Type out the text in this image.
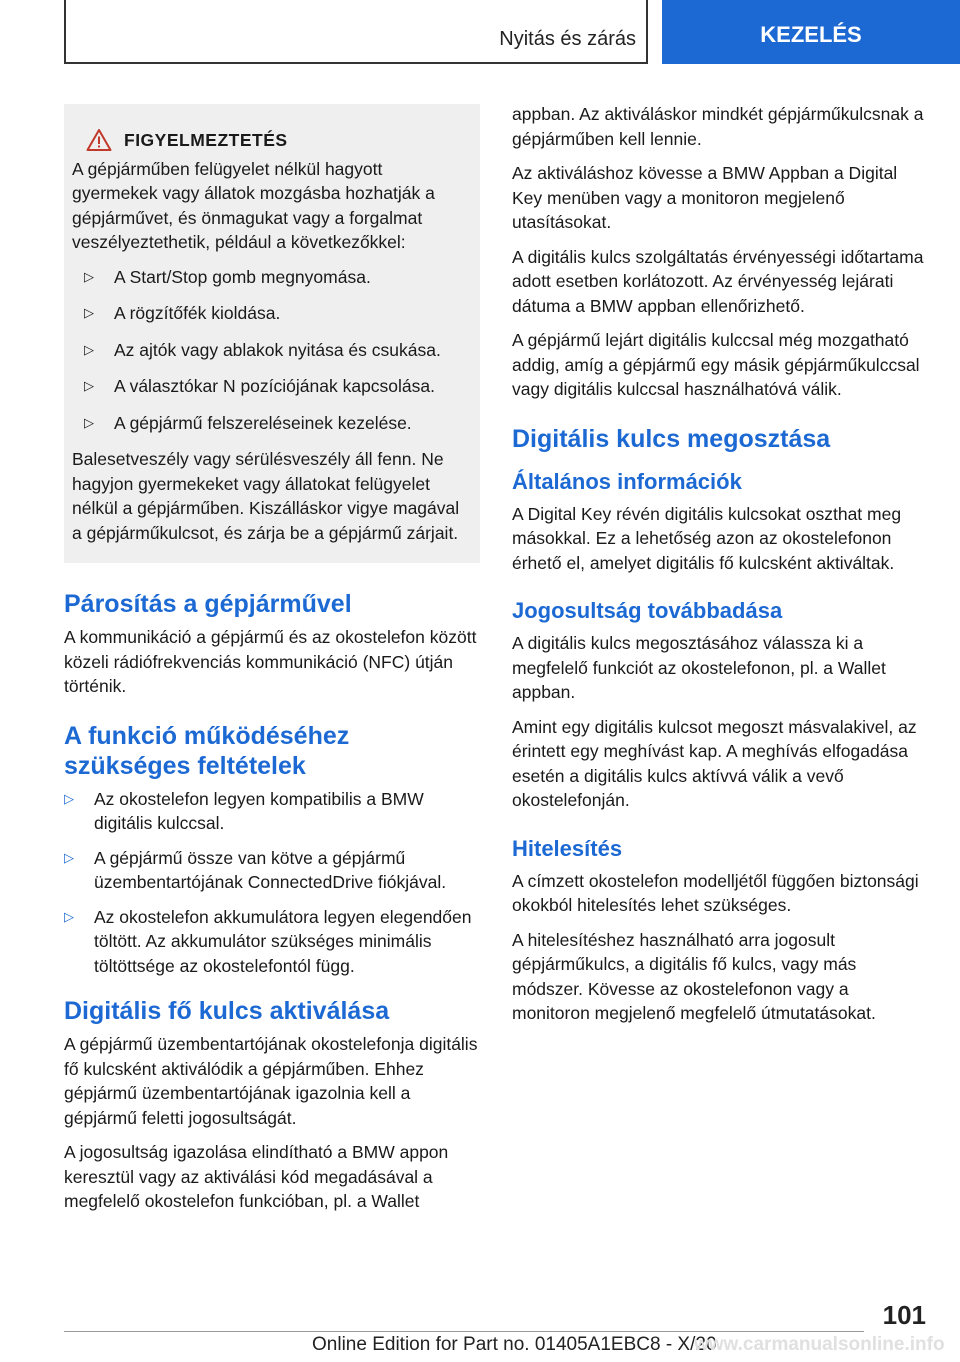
Nyitás és zárás	KEZELÉS
FIGYELMEZTETÉS

A gépjárműben felügyelet nélkül hagyott gyermekek vagy állatok mozgásba hozhatják a gépjárművet, és önmagukat vagy a forgalmat veszélyeztethetik, például a következőkkel:

▷ A Start/Stop gomb megnyomása.
▷ A rögzítőfék kioldása.
▷ Az ajtók vagy ablakok nyitása és csukása.
▷ A választókar N pozíciójának kapcsolása.
▷ A gépjármű felszereléseinek kezelése.

Balesetveszély vagy sérülésveszély áll fenn. Ne hagyjon gyermekeket vagy állatokat felügyelet nélkül a gépjárműben. Kiszálláskor vigye magával a gépjárműkulcsot, és zárja be a gépjármű zárjait.

Párosítás a gépjárművel

A kommunikáció a gépjármű és az okostelefon között közeli rádiófrekvenciás kommunikáció (NFC) útján történik.

A funkció működéséhez szükséges feltételek
▷ Az okostelefon legyen kompatibilis a BMW digitális kulccsal.
▷ A gépjármű össze van kötve a gépjármű üzembentartójának ConnectedDrive fiókjával.
▷ Az okostelefon akkumulátora legyen elegendően töltött. Az akkumulátor szükséges minimális töltöttsége az okostelefontól függ.
Digitális fő kulcs aktiválása

A gépjármű üzembentartójának okostelefonja digitális fő kulcsként aktiválódik a gépjárműben. Ehhez gépjármű üzembentartójának igazolnia kell a gépjármű feletti jogosultságát.

A jogosultság igazolása elindítható a BMW appon keresztül vagy az aktiválási kód megadásával a megfelelő okostelefon funkcióban, pl. a Wallet

appban. Az aktiváláskor mindkét gépjárműkulcsnak a gépjárműben kell lennie.

Az aktiváláshoz kövesse a BMW Appban a Digital Key menüben vagy a monitoron megjelenő utasításokat.

A digitális kulcs szolgáltatás érvényességi időtartama adott esetben korlátozott. Az érvényesség lejárati dátuma a BMW appban ellenőrizhető.

A gépjármű lejárt digitális kulccsal még mozgatható addig, amíg a gépjármű egy másik gépjárműkulccsal vagy digitális kulccsal használhatóvá válik.

Digitális kulcs megosztása
Általános információk

A Digital Key révén digitális kulcsokat oszthat meg másokkal. Ez a lehetőség azon az okostelefonon érhető el, amelyet digitális fő kulcsként aktiváltak.

Jogosultság továbbadása

A digitális kulcs megosztásához válassza ki a megfelelő funkciót az okostelefonon, pl. a Wallet appban.

Amint egy digitális kulcsot megoszt másvalakivel, az érintett egy meghívást kap. A meghívás elfogadása esetén a digitális kulcs aktívvá válik a vevő okostelefonján.

Hitelesítés

A címzett okostelefon modelljétől függően biztonsági okokból hitelesítés lehet szükséges.

A hitelesítéshez használható arra jogosult gépjárműkulcs, a digitális fő kulcs, vagy más módszer. Kövesse az okostelefonon vagy a monitoron megjelenő megfelelő útmutatásokat.

101
Online Edition for Part no. 01405A1EBC8 - X/20
www.carmanualsonline.info
